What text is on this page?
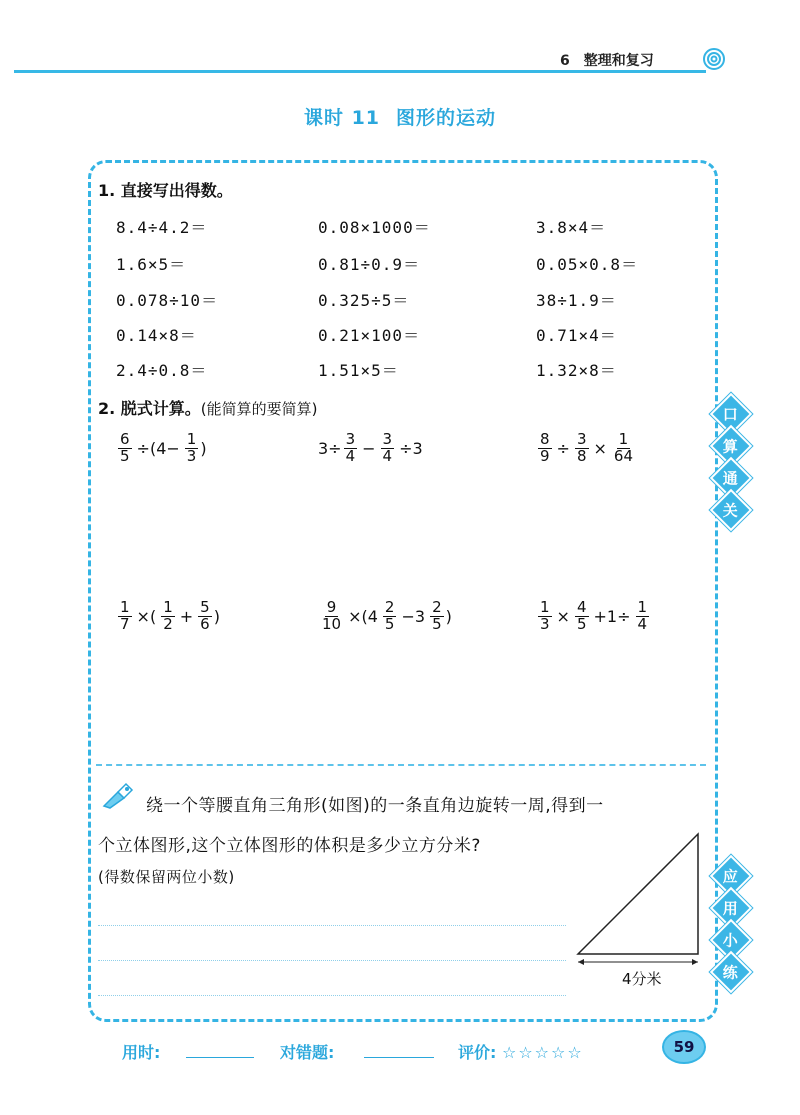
6 整理和复习
课时 11 图形的运动
1. 直接写出得数。
8.4÷4.2＝	0.08×1000＝	3.8×4＝
1.6×5＝	0.81÷0.9＝	0.05×0.8＝
0.078÷10＝	0.325÷5＝	38÷1.9＝
0.14×8＝	0.21×100＝	0.71×4＝
2.4÷0.8＝	1.51×5＝	1.32×8＝
2. 脱式计算。(能简算的要简算)
$\frac{6}{5} \div(4- \frac{1}{3}$ )	$3\div \frac{3}{4} - \frac{3}{4} \div 3$	$\frac{8}{9} \div \frac{3}{8} \times \frac{1}{64}$
$\frac{1}{7}$ ×( $\frac{1}{2} + \frac{5}{6}$ )	$\frac{9}{10} \times(4 \frac{2}{5} -3 \frac{2}{5}$ )	$\frac{1}{3} \times \frac{4}{5} +1\div \frac{1}{4}$
口
算
通
关
应
用
小
练
绕一个等腰直角三角形(如图)的一条直角边旋转一周,得到一
个立体图形,这个立体图形的体积是多少立方分米?
(得数保留两位小数)
4分米
用时:	对错题:	评价: ☆☆☆☆☆	59
